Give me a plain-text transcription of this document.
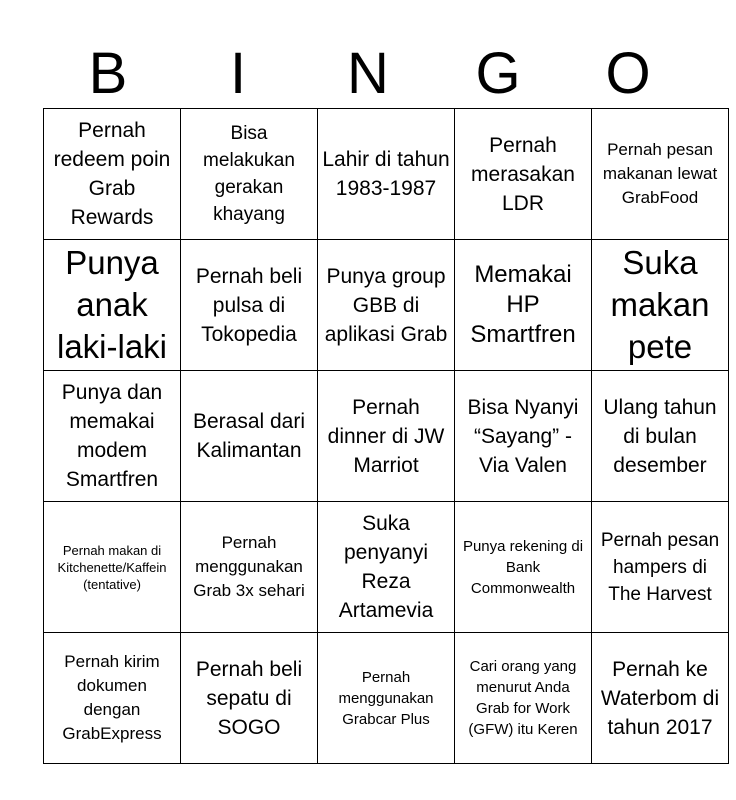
B	I	N	G	O
Pernah redeem poin Grab Rewards	Bisa melakukan gerakan khayang	Lahir di tahun 1983-1987	Pernah merasakan LDR	Pernah pesan makanan lewat GrabFood

Punya anak laki-laki	Pernah beli pulsa di Tokopedia	Punya group GBB di aplikasi Grab	Memakai HP Smartfren	Suka makan pete

Punya dan memakai modem Smartfren	Berasal dari Kalimantan	Pernah dinner di JW Marriot	Bisa Nyanyi “Sayang” - Via Valen	Ulang tahun di bulan desember

Pernah makan di Kitchenette/Kaffein (tentative)	Pernah menggunakan Grab 3x sehari	Suka penyanyi Reza Artamevia	Punya rekening di Bank Commonwealth	Pernah pesan hampers di The Harvest

Pernah kirim dokumen dengan GrabExpress	Pernah beli sepatu di SOGO	Pernah menggunakan Grabcar Plus	Cari orang yang menurut Anda Grab for Work (GFW) itu Keren	Pernah ke Waterbom di tahun 2017
